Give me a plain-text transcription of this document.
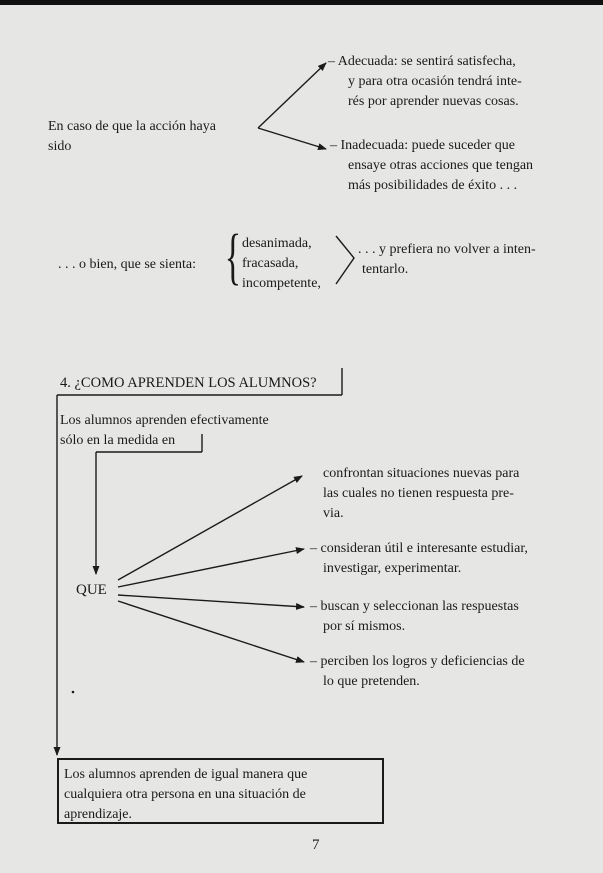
En caso de que la acción haya
sido
– Adecuada: se sentirá satisfecha,
y para otra ocasión tendrá inte-
rés por aprender nuevas cosas.
– Inadecuada: puede suceder que
ensaye otras acciones que tengan
más posibilidades de éxito . . .
. . . o bien, que se sienta: { desanimada,
fracasada,
incompetente,
. . . y prefiera no volver a inten-
tentarlo.
4. ¿COMO APRENDEN LOS ALUMNOS?
Los alumnos aprenden efectivamente
sólo en la medida en
QUE
confrontan situaciones nuevas para
las cuales no tienen respuesta pre-
via.
– consideran útil e interesante estudiar,
investigar, experimentar.
– buscan y seleccionan las respuestas
por sí mismos.
– perciben los logros y deficiencias de
lo que pretenden.
Los alumnos aprenden de igual manera que
cualquiera otra persona en una situación de
aprendizaje.
7
